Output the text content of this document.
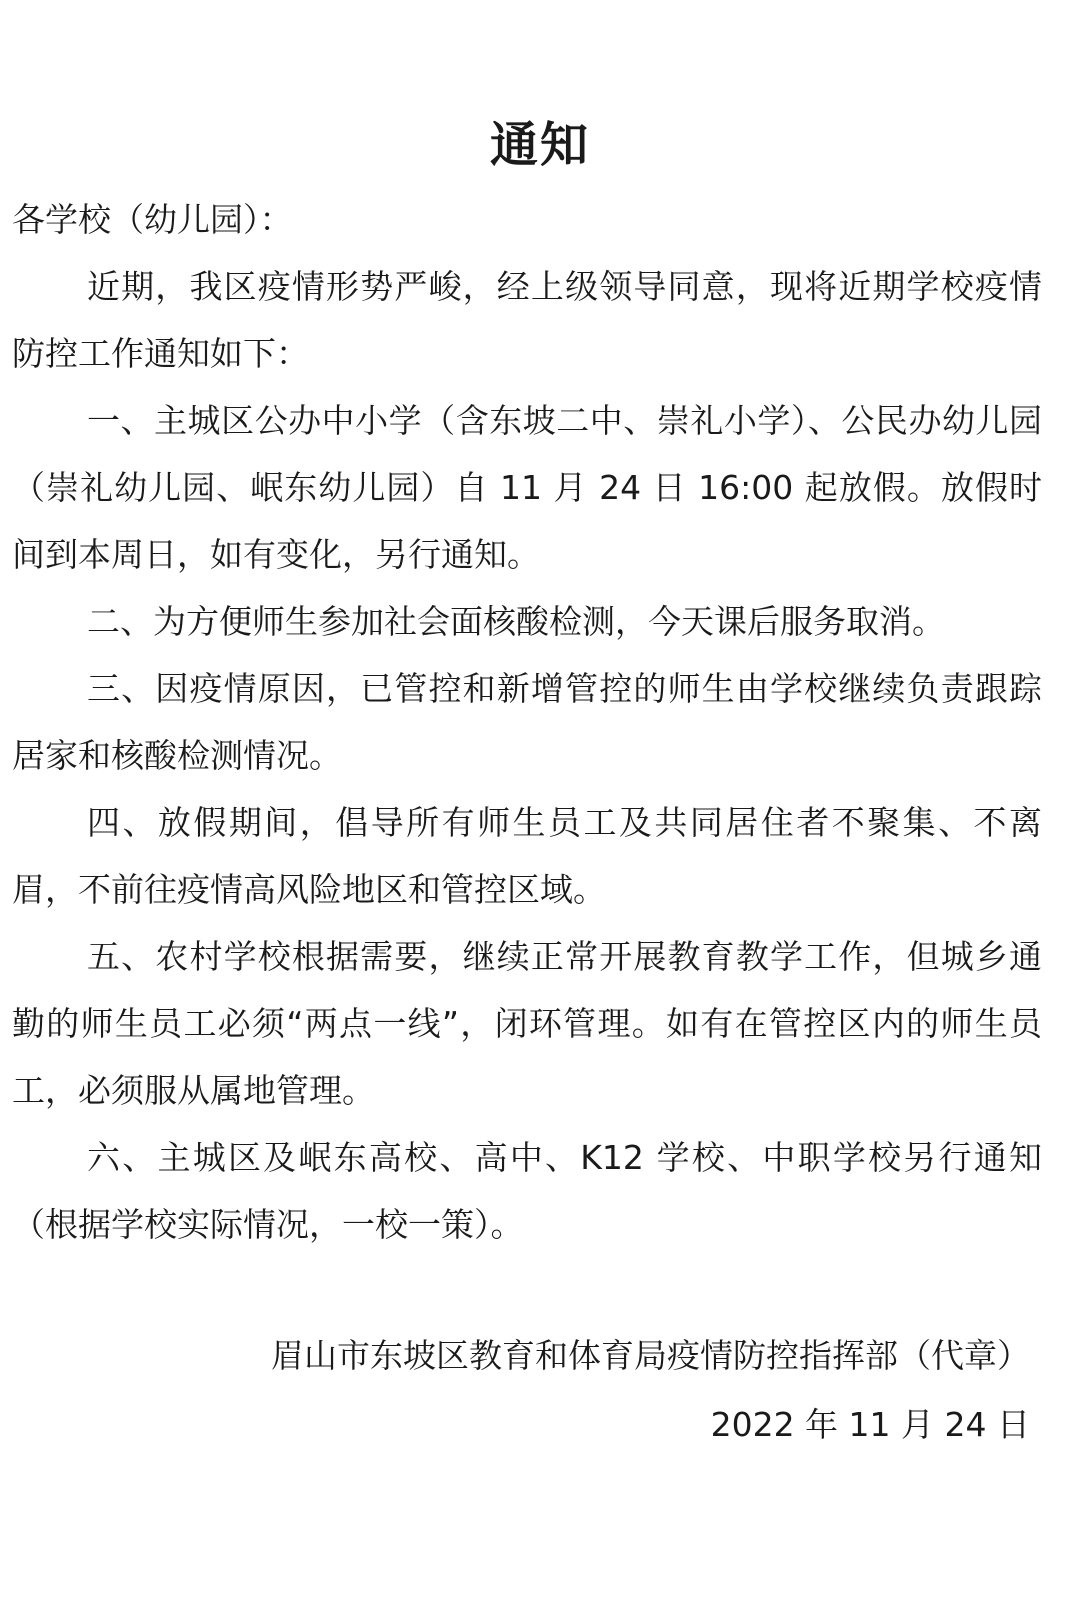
通知

各学校（幼儿园）：

近期，我区疫情形势严峻，经上级领导同意，现将近期学校疫情防控工作通知如下：

一、主城区公办中小学（含东坡二中、崇礼小学）、公民办幼儿园（崇礼幼儿园、岷东幼儿园）自 11 月 24 日 16:00 起放假。放假时间到本周日，如有变化，另行通知。

二、为方便师生参加社会面核酸检测，今天课后服务取消。

三、因疫情原因，已管控和新增管控的师生由学校继续负责跟踪居家和核酸检测情况。

四、放假期间，倡导所有师生员工及共同居住者不聚集、不离眉，不前往疫情高风险地区和管控区域。

五、农村学校根据需要，继续正常开展教育教学工作，但城乡通勤的师生员工必须“两点一线”，闭环管理。如有在管控区内的师生员工，必须服从属地管理。

六、主城区及岷东高校、高中、K12 学校、中职学校另行通知（根据学校实际情况，一校一策）。

眉山市东坡区教育和体育局疫情防控指挥部（代章）
2022 年 11 月 24 日
